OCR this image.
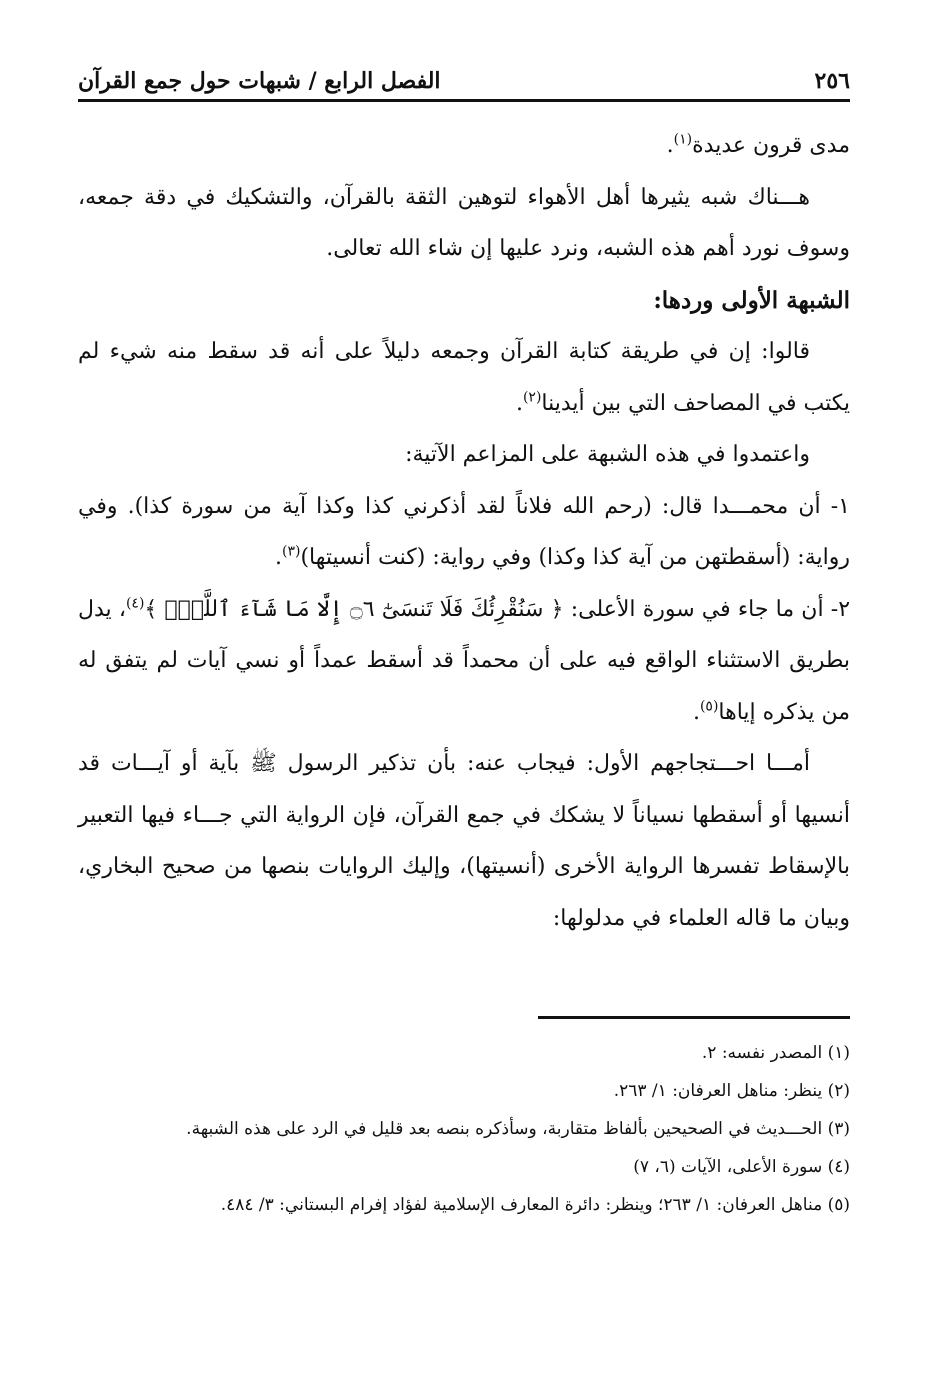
٢٥٦
الفصل الرابع / شبهات حول جمع القرآن

مدى قرون عديدة$^{(١)}$.

هـــناك شبه يثيرها أهل الأهواء لتوهين الثقة بالقرآن، والتشكيك في دقة جمعه، وسوف نورد أهم هذه الشبه، ونرد عليها إن شاء الله تعالى.

الشبهة الأولى وردها:

قالوا: إن في طريقة كتابة القرآن وجمعه دليلاً على أنه قد سقط منه شيء لم يكتب في المصاحف التي بين أيدينا$^{(٢)}$.

واعتمدوا في هذه الشبهة على المزاعم الآتية:

١- أن محمـــدا قال: (رحم الله فلاناً لقد أذكرني كذا وكذا آية من سورة كذا). وفي رواية: (أسقطتهن من آية كذا وكذا) وفي رواية: (كنت أنسيتها)$^{(٣)}$.

٢- أن ما جاء في سورة الأعلى: ﴿ سَنُقْرِئُكَ فَلَا تَنسَىٰٓ ۝٦ إِلَّا مَا شَآءَ ٱللَّهُۚ ﴾$^{(٤)}$، يدل بطريق الاستثناء الواقع فيه على أن محمداً قد أسقط عمداً أو نسي آيات لم يتفق له من يذكره إياها$^{(٥)}$.

أمـــا احـــتجاجهم الأول: فيجاب عنه: بأن تذكير الرسول ﷺ بآية أو آيـــات قد أنسيها أو أسقطها نسياناً لا يشكك في جمع القرآن، فإن الرواية التي جـــاء فيها التعبير بالإسقاط تفسرها الرواية الأخرى (أنسيتها)، وإليك الروايات بنصها من صحيح البخاري، وبيان ما قاله العلماء في مدلولها:

(١) المصدر نفسه: ٢.

(٢) ينظر: مناهل العرفان: ١/ ٢٦٣.

(٣) الحـــديث في الصحيحين بألفاظ متقاربة، وسأذكره بنصه بعد قليل في الرد على هذه الشبهة.

(٤) سورة الأعلى، الآيات (٦، ٧)

(٥) مناهل العرفان: ١/ ٢٦٣؛ وينظر: دائرة المعارف الإسلامية لفؤاد إفرام البستاني: ٣/ ٤٨٤.
